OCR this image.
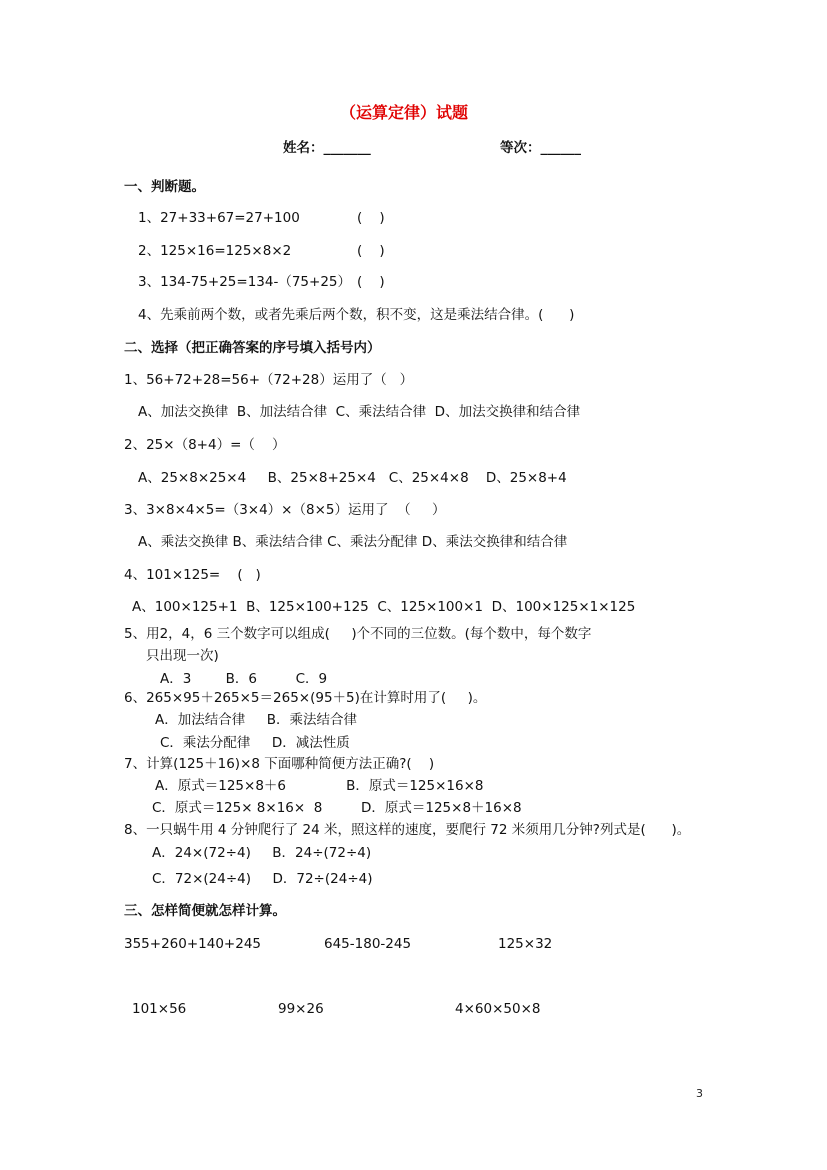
（运算定律）试题
姓名：_______	等次：______
一、判断题。
1、27+33+67=27+100	(    )
2、125×16=125×8×2	(    )
3、134-75+25=134-（75+25） (    )
4、先乘前两个数，或者先乘后两个数，积不变，这是乘法结合律。(      )
二、选择（把正确答案的序号填入括号内）
1、56+72+28=56+（72+28）运用了（   ）
A、加法交换律  B、加法结合律  C、乘法结合律  D、加法交换律和结合律
2、25×（8+4）=（    ）
A、25×8×25×4     B、25×8+25×4   C、25×4×8    D、25×8+4
3、3×8×4×5=（3×4）×（8×5）运用了  （     ）
A、乘法交换律 B、乘法结合律 C、乘法分配律 D、乘法交换律和结合律
4、101×125=    (   )
A、100×125+1  B、125×100+125  C、125×100×1  D、100×125×1×125
5、用2，4，6 三个数字可以组成(     )个不同的三位数。(每个数中，每个数字
只出现一次)
A．3        B．6         C．9
6、265×95＋265×5＝265×(95＋5)在计算时用了(     )。
A．加法结合律     B．乘法结合律
C．乘法分配律     D．减法性质
7、计算(125＋16)×8 下面哪种简便方法正确?(    )
A．原式＝125×8＋6              B．原式＝125×16×8
C．原式＝125× 8×16×  8         D．原式＝125×8＋16×8
8、一只蜗牛用 4 分钟爬行了 24 米，照这样的速度，要爬行 72 米须用几分钟?列式是(      )。
A．24×(72÷4)     B．24÷(72÷4)
C．72×(24÷4)     D．72÷(24÷4)
三、怎样简便就怎样计算。
355+260+140+245	645-180-245	125×32
101×56	99×26	4×60×50×8
3
